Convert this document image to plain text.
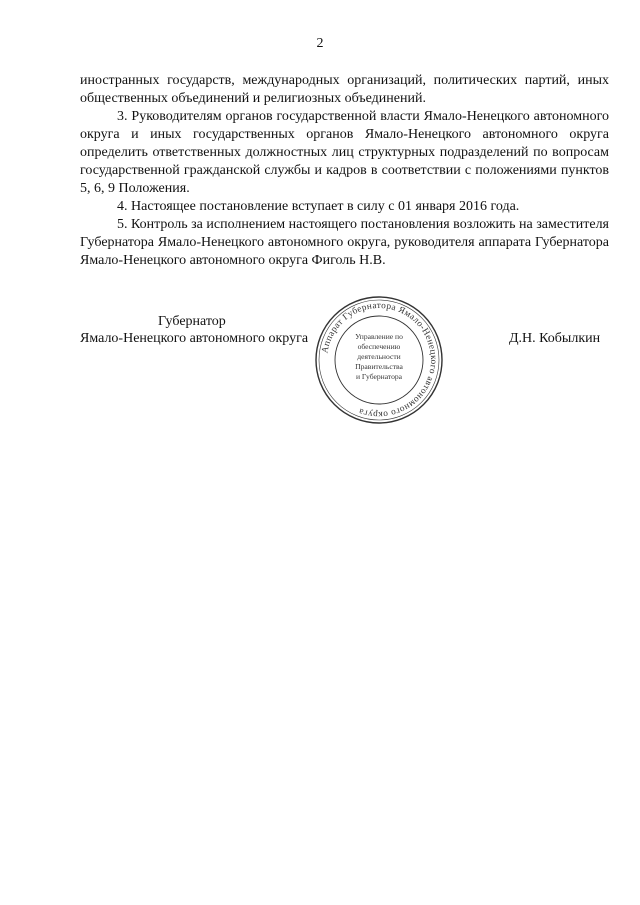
2

иностранных государств, международных организаций, политических партий, иных общественных объединений и религиозных объединений.

3. Руководителям органов государственной власти Ямало-Ненецкого автономного округа и иных государственных органов Ямало-Ненецкого автономного округа определить ответственных должностных лиц структурных подразделений по вопросам государственной гражданской службы и кадров в соответствии с положениями пунктов 5, 6, 9 Положения.

4. Настоящее постановление вступает в силу с 01 января 2016 года.

5. Контроль за исполнением настоящего постановления возложить на заместителя Губернатора Ямало-Ненецкого автономного округа, руководителя аппарата Губернатора Ямало-Ненецкого автономного округа Фиголь Н.В.

Аппарат Губернатора Ямало-Ненецкого автономного округа
Управление по
обеспечению
деятельности
Правительства
и Губернатора
Губернатор
Ямало-Ненецкого автономного округа	Д.Н. Кобылкин
